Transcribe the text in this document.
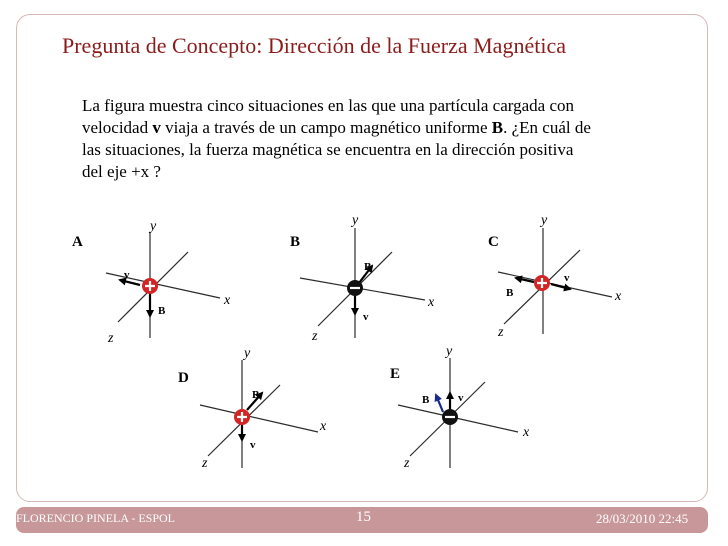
Pregunta de Concepto: Dirección de la Fuerza Magnética

La figura muestra cinco situaciones en las que una partícula cargada con

velocidad v viaja a través de un campo magnético uniforme B. ¿En cuál de

las situaciones, la fuerza magnética se encuentra en la dirección positiva

del eje +x ?

A
y
x
z
v
B
B
y
x
z
B
v
C
y
x
z
v
B
D
y
x
z
B
v
E
y
x
z
B	v
FLORENCIO PINELA - ESPOL	15	28/03/2010 22:45
